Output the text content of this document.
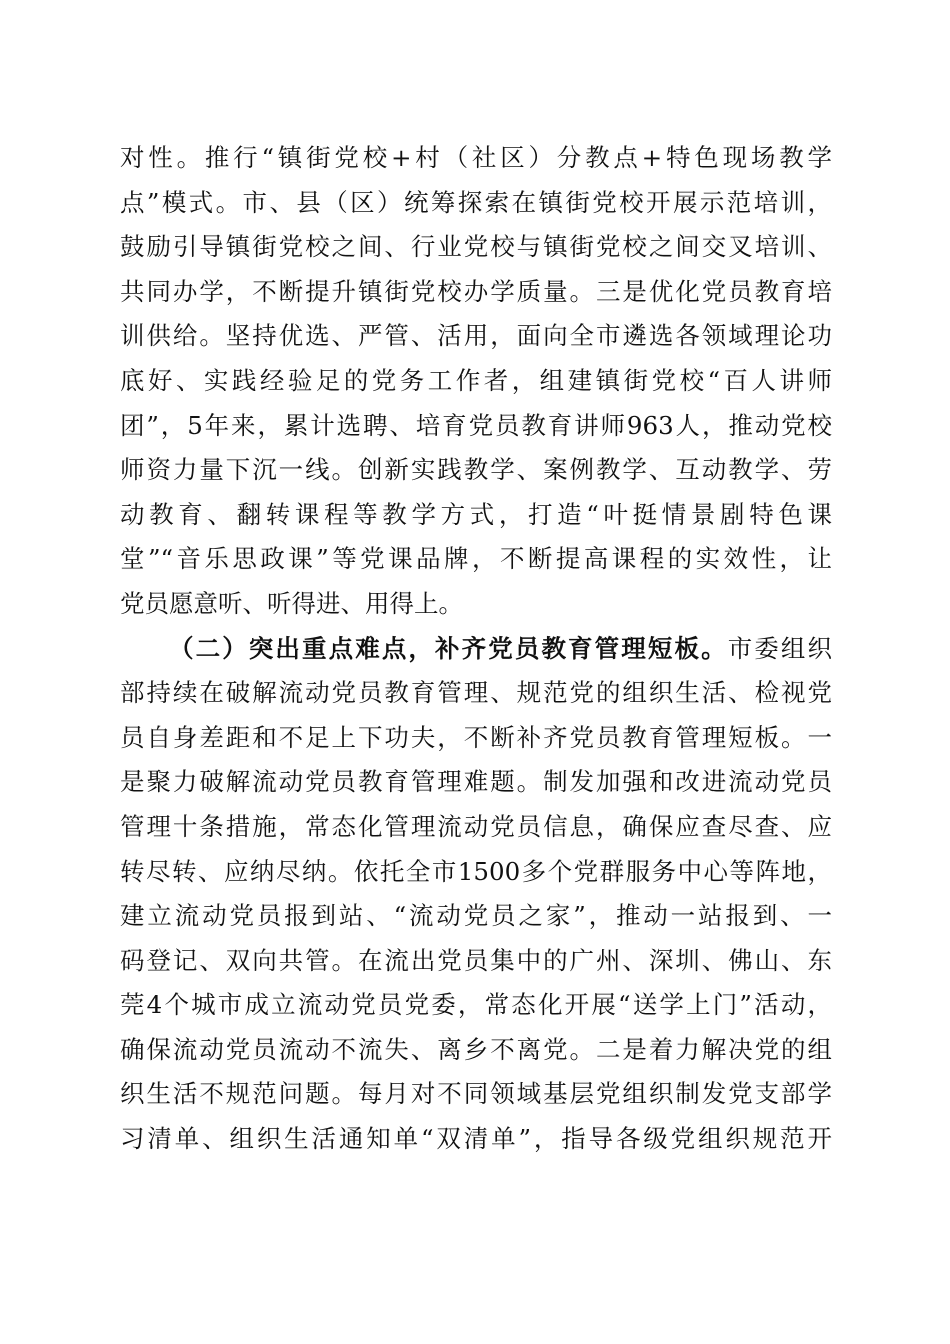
对性。推行“镇街党校+村（社区）分教点+特色现场教学
点”模式。市、县（区）统筹探索在镇街党校开展示范培训，
鼓励引导镇街党校之间、行业党校与镇街党校之间交叉培训、
共同办学，不断提升镇街党校办学质量。三是优化党员教育培
训供给。坚持优选、严管、活用，面向全市遴选各领域理论功
底好、实践经验足的党务工作者，组建镇街党校“百人讲师
团”，5年来，累计选聘、培育党员教育讲师963人，推动党校
师资力量下沉一线。创新实践教学、案例教学、互动教学、劳
动教育、翻转课程等教学方式，打造“叶挺情景剧特色课
堂”“音乐思政课”等党课品牌，不断提高课程的实效性，让
党员愿意听、听得进、用得上。
（二）突出重点难点，补齐党员教育管理短板。市委组织
部持续在破解流动党员教育管理、规范党的组织生活、检视党
员自身差距和不足上下功夫，不断补齐党员教育管理短板。一
是聚力破解流动党员教育管理难题。制发加强和改进流动党员
管理十条措施，常态化管理流动党员信息，确保应查尽查、应
转尽转、应纳尽纳。依托全市1500多个党群服务中心等阵地，
建立流动党员报到站、“流动党员之家”，推动一站报到、一
码登记、双向共管。在流出党员集中的广州、深圳、佛山、东
莞4个城市成立流动党员党委，常态化开展“送学上门”活动，
确保流动党员流动不流失、离乡不离党。二是着力解决党的组
织生活不规范问题。每月对不同领域基层党组织制发党支部学
习清单、组织生活通知单“双清单”，指导各级党组织规范开
